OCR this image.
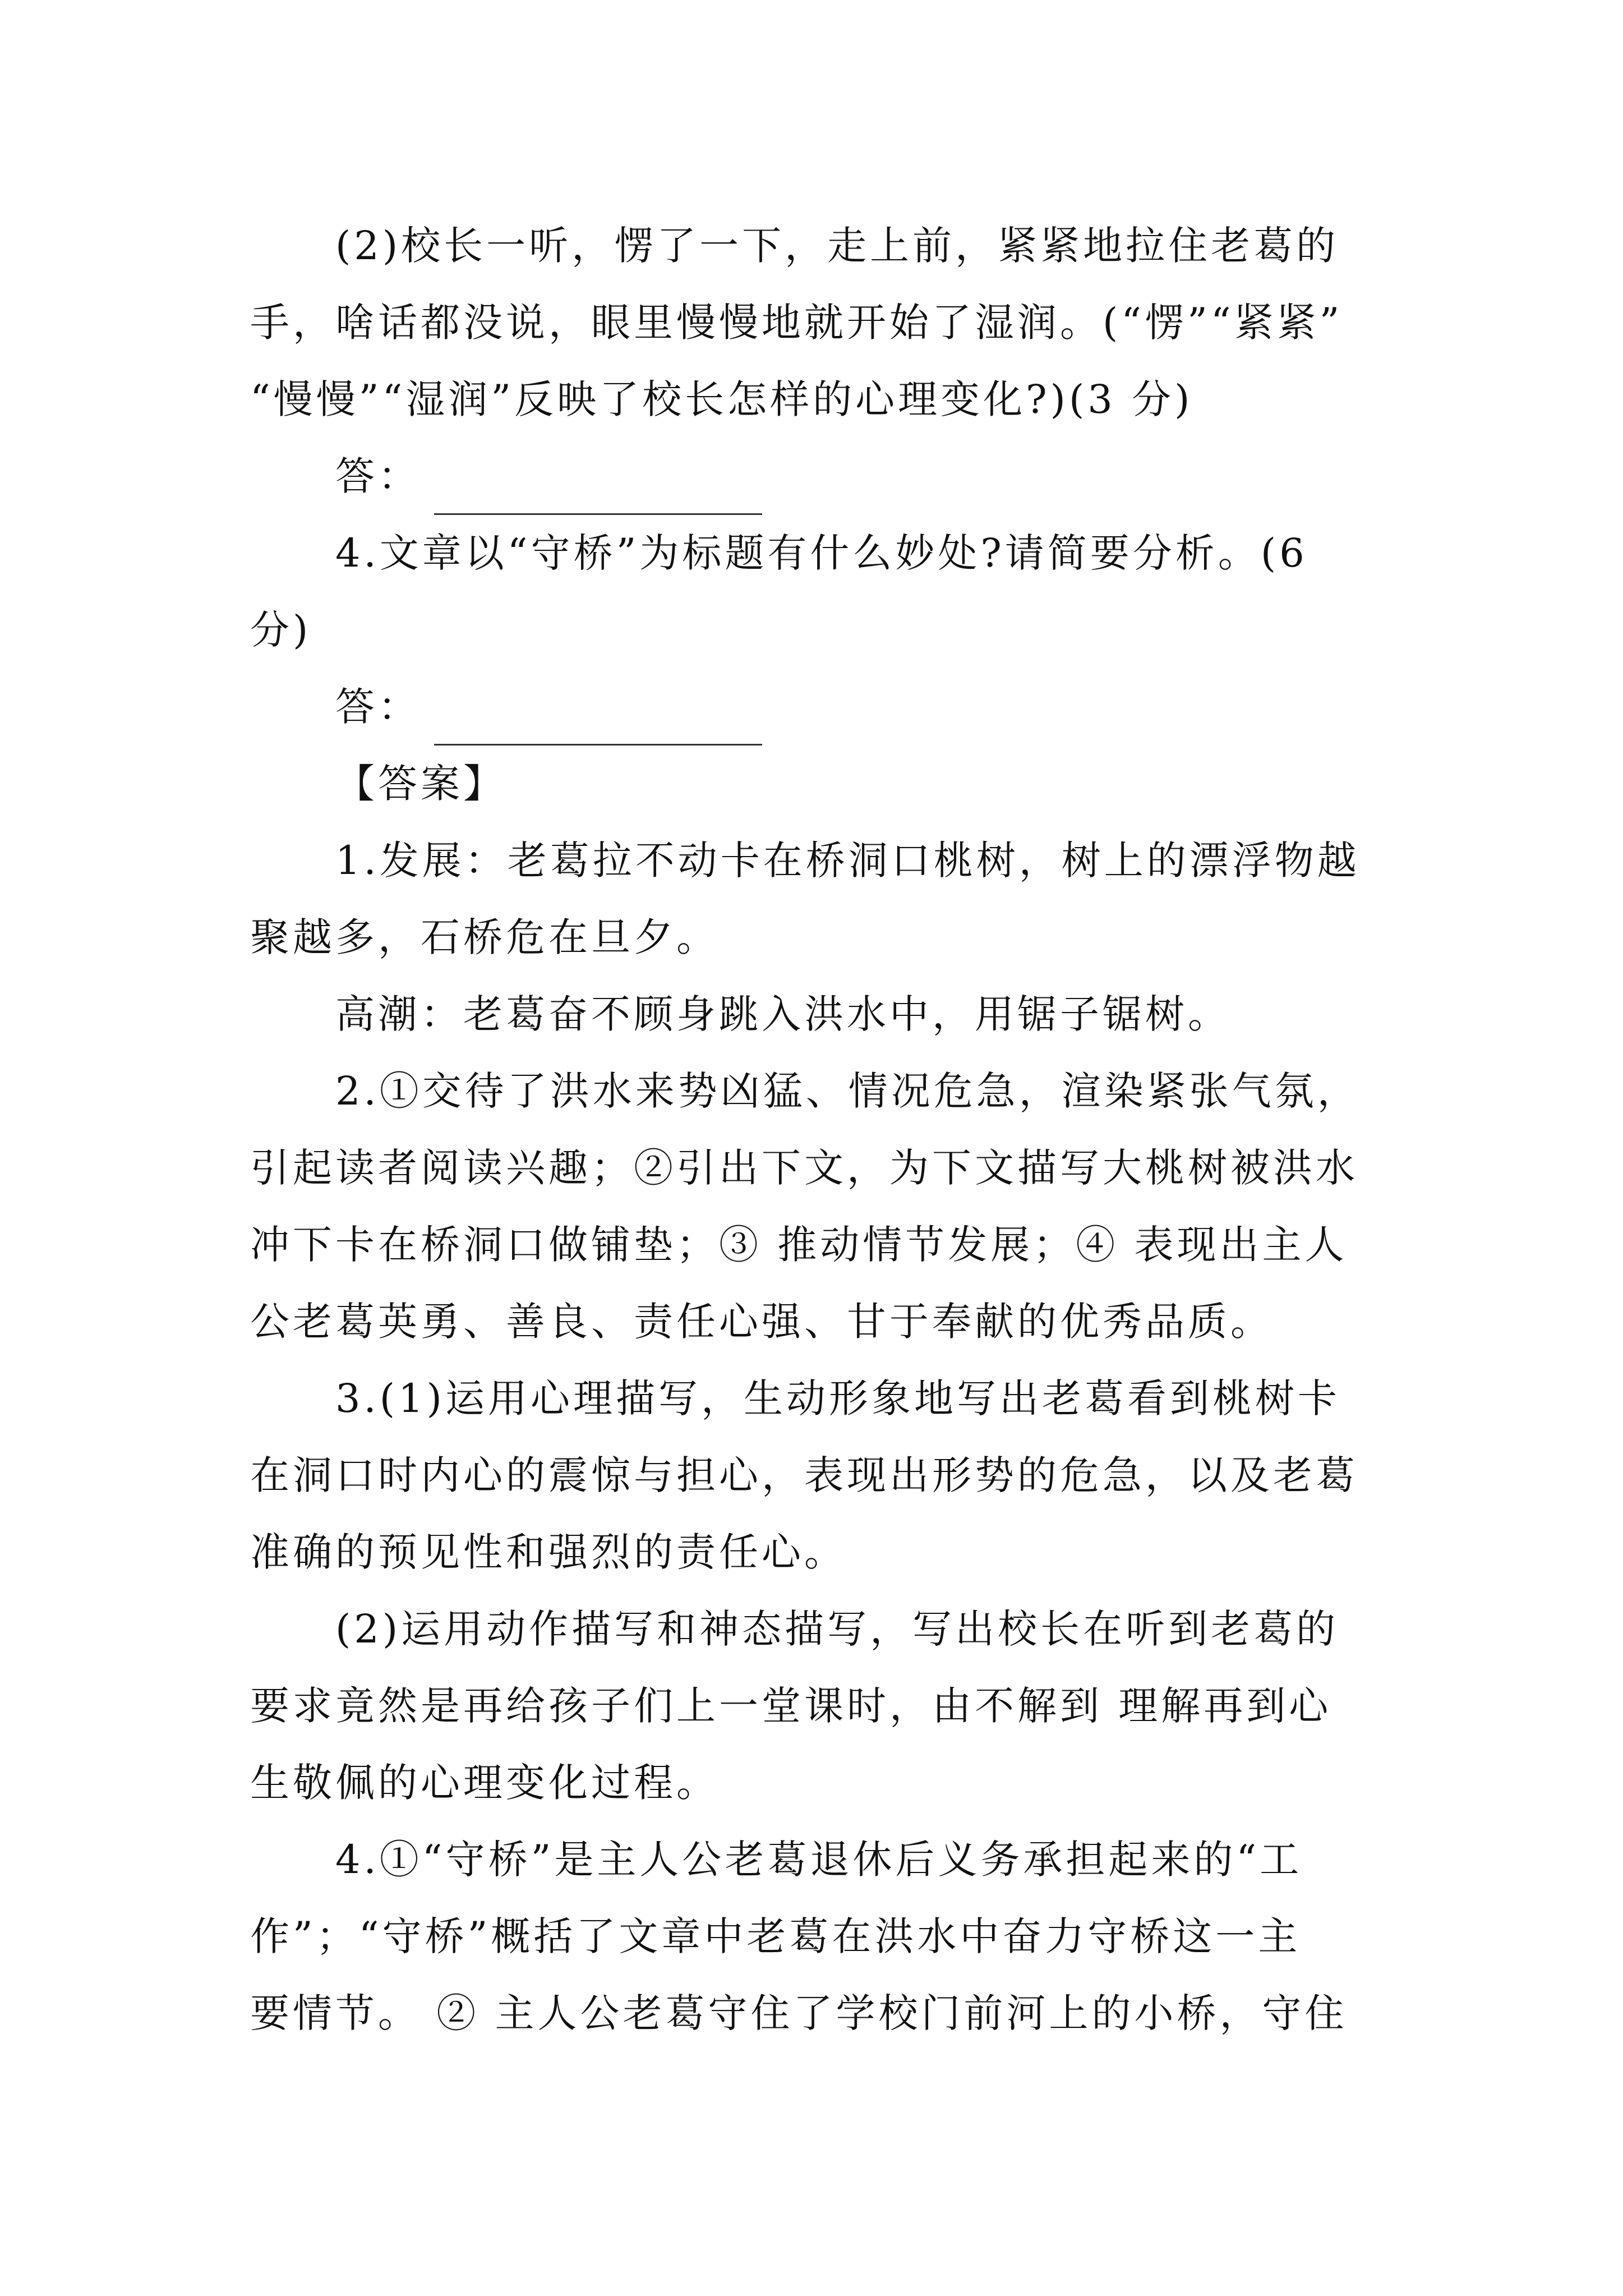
(2)校长一听，愣了一下，走上前，紧紧地拉住老葛的
手，啥话都没说，眼里慢慢地就开始了湿润。(“愣”“紧紧”
“慢慢”“湿润”反映了校长怎样的心理变化?)(3 分)
答：
4.文章以“守桥”为标题有什么妙处?请简要分析。(6
分)
答：
【答案】
1.发展：老葛拉不动卡在桥洞口桃树，树上的漂浮物越
聚越多，石桥危在旦夕。
高潮：老葛奋不顾身跳入洪水中，用锯子锯树。
2.①交待了洪水来势凶猛、情况危急，渲染紧张气氛，
引起读者阅读兴趣；②引出下文，为下文描写大桃树被洪水
冲下卡在桥洞口做铺垫；③ 推动情节发展；④ 表现出主人
公老葛英勇、善良、责任心强、甘于奉献的优秀品质。
3.(1)运用心理描写，生动形象地写出老葛看到桃树卡
在洞口时内心的震惊与担心，表现出形势的危急，以及老葛
准确的预见性和强烈的责任心。
(2)运用动作描写和神态描写，写出校长在听到老葛的
要求竟然是再给孩子们上一堂课时，由不解到 理解再到心
生敬佩的心理变化过程。
4.①“守桥”是主人公老葛退休后义务承担起来的“工
作”；“守桥”概括了文章中老葛在洪水中奋力守桥这一主
要情节。 ② 主人公老葛守住了学校门前河上的小桥，守住
